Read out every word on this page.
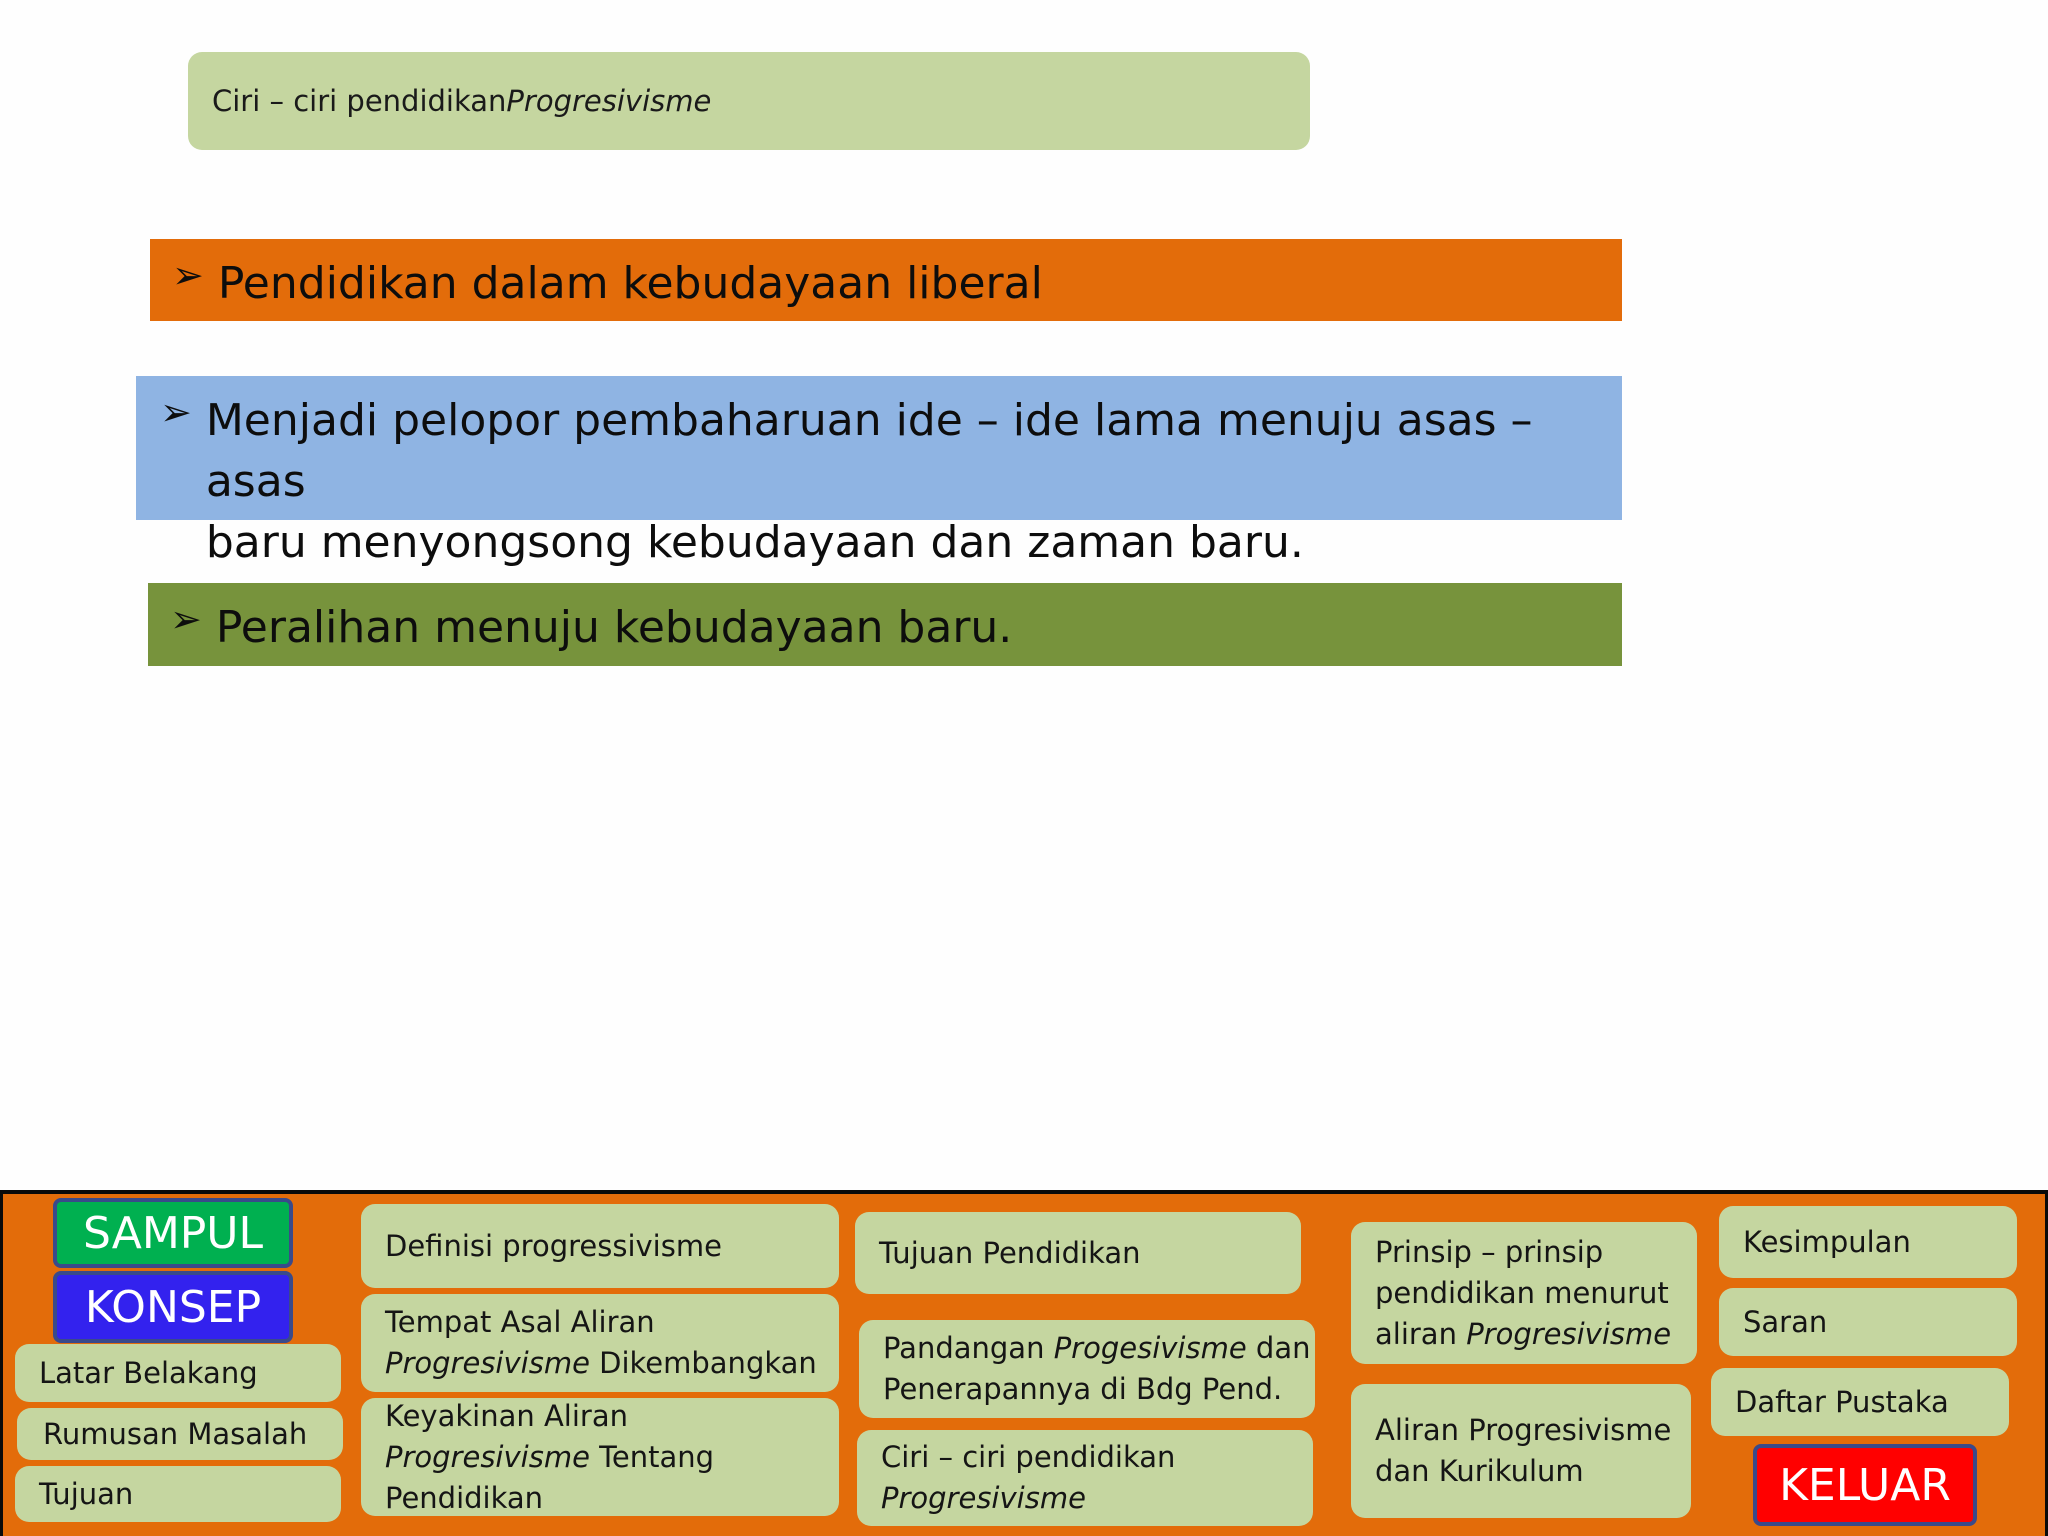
Ciri – ciri pendidikan Progresivisme
➢ Pendidikan dalam kebudayaan liberal
➢ Menjadi pelopor pembaharuan ide – ide lama menuju asas – asas
baru menyongsong kebudayaan dan zaman baru.
➢ Peralihan menuju kebudayaan baru.
SAMPUL
KONSEP
Latar Belakang
Rumusan Masalah
Tujuan
Definisi progressivisme
Tempat Asal Aliran
Progresivisme Dikembangkan
Keyakinan Aliran
Progresivisme Tentang
Pendidikan
Tujuan Pendidikan
Pandangan Progesivisme dan
Penerapannya di Bdg Pend.
Ciri – ciri pendidikan
Progresivisme
Prinsip – prinsip
pendidikan menurut
aliran Progresivisme
Aliran Progresivisme
dan Kurikulum
Kesimpulan
Saran
Daftar Pustaka
KELUAR
